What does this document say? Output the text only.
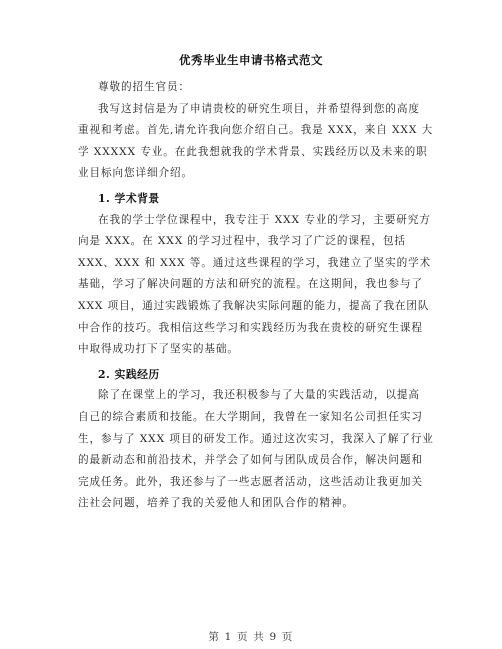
优秀毕业生申请书格式范文
尊敬的招生官员：
我写这封信是为了申请贵校的研究生项目，并希望得到您的高度
重视和考虑。首先,请允许我向您介绍自己。我是 XXX，来自 XXX 大
学 XXXXX 专业。在此我想就我的学术背景、实践经历以及未来的职
业目标向您详细介绍。
1. 学术背景
在我的学士学位课程中，我专注于 XXX 专业的学习，主要研究方
向是 XXX。在 XXX 的学习过程中，我学习了广泛的课程，包括
XXX、XXX 和 XXX 等。通过这些课程的学习，我建立了坚实的学术
基础，学习了解决问题的方法和研究的流程。在这期间，我也参与了
XXX 项目，通过实践锻炼了我解决实际问题的能力，提高了我在团队
中合作的技巧。我相信这些学习和实践经历为我在贵校的研究生课程
中取得成功打下了坚实的基础。
2. 实践经历
除了在课堂上的学习，我还积极参与了大量的实践活动，以提高
自己的综合素质和技能。在大学期间，我曾在一家知名公司担任实习
生，参与了 XXX 项目的研发工作。通过这次实习，我深入了解了行业
的最新动态和前沿技术，并学会了如何与团队成员合作，解决问题和
完成任务。此外，我还参与了一些志愿者活动，这些活动让我更加关
注社会问题，培养了我的关爱他人和团队合作的精神。
第 1 页 共 9 页
